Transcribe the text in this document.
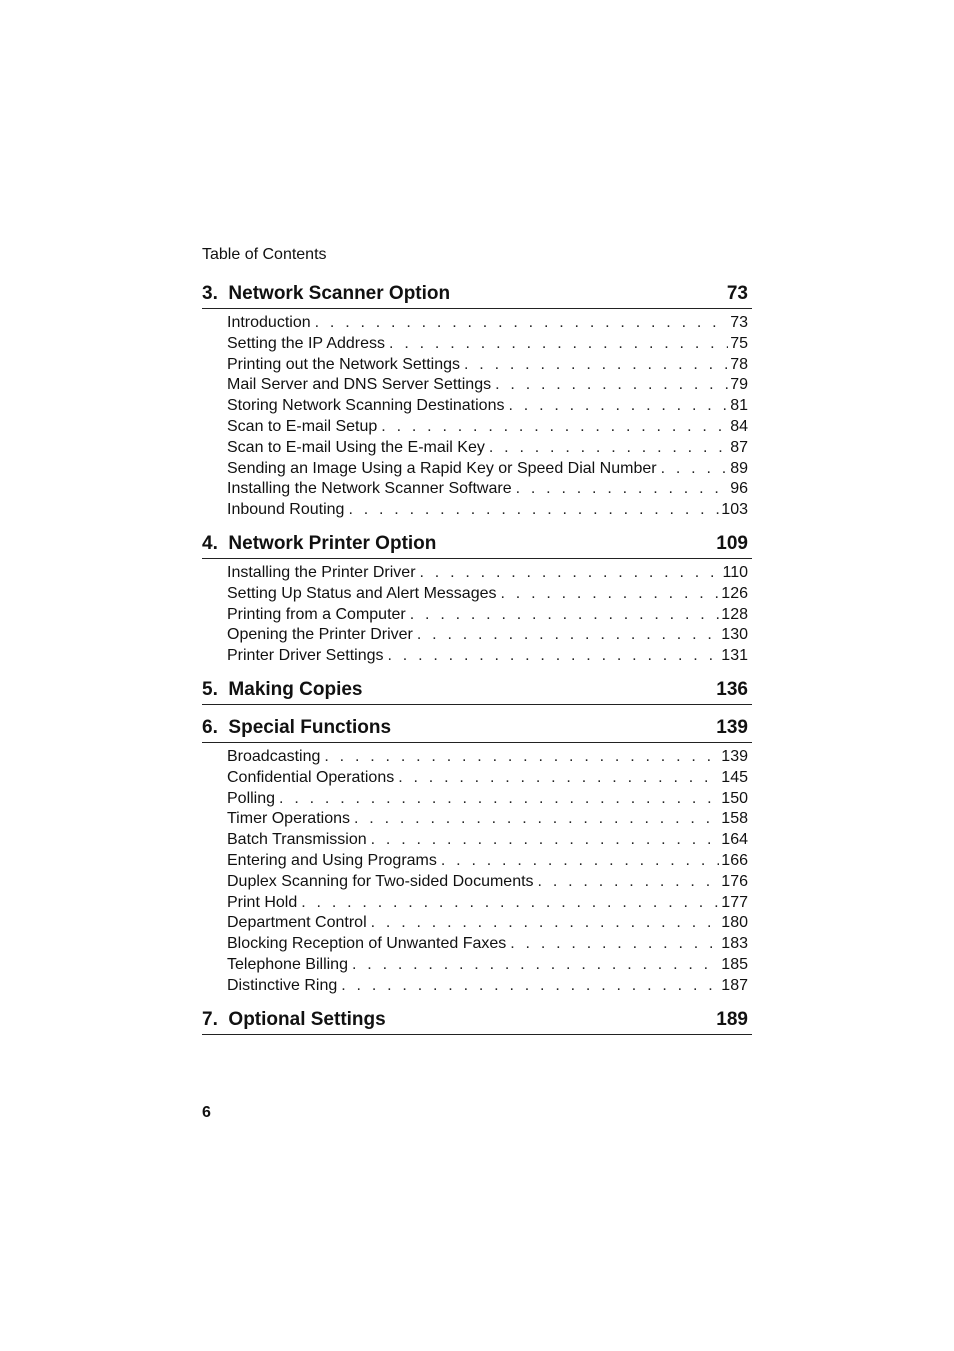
Table of Contents
3. Network Scanner Option	73
Introduction . . .	73
Setting the IP Address . . .	75
Printing out the Network Settings . . .	78
Mail Server and DNS Server Settings . . .	79
Storing Network Scanning Destinations . . .	81
Scan to E-mail Setup . . .	84
Scan to E-mail Using the E-mail Key . . .	87
Sending an Image Using a Rapid Key or Speed Dial Number . . .	89
Installing the Network Scanner Software . . .	96
Inbound Routing . . .	103
4. Network Printer Option	109
Installing the Printer Driver . . .	110
Setting Up Status and Alert Messages . . .	126
Printing from a Computer . . .	128
Opening the Printer Driver . . .	130
Printer Driver Settings . . .	131
5. Making Copies	136
6. Special Functions	139
Broadcasting . . .	139
Confidential Operations . . .	145
Polling . . .	150
Timer Operations . . .	158
Batch Transmission . . .	164
Entering and Using Programs . . .	166
Duplex Scanning for Two-sided Documents . . .	176
Print Hold . . .	177
Department Control . . .	180
Blocking Reception of Unwanted Faxes . . .	183
Telephone Billing . . .	185
Distinctive Ring . . .	187
7. Optional Settings	189
6
